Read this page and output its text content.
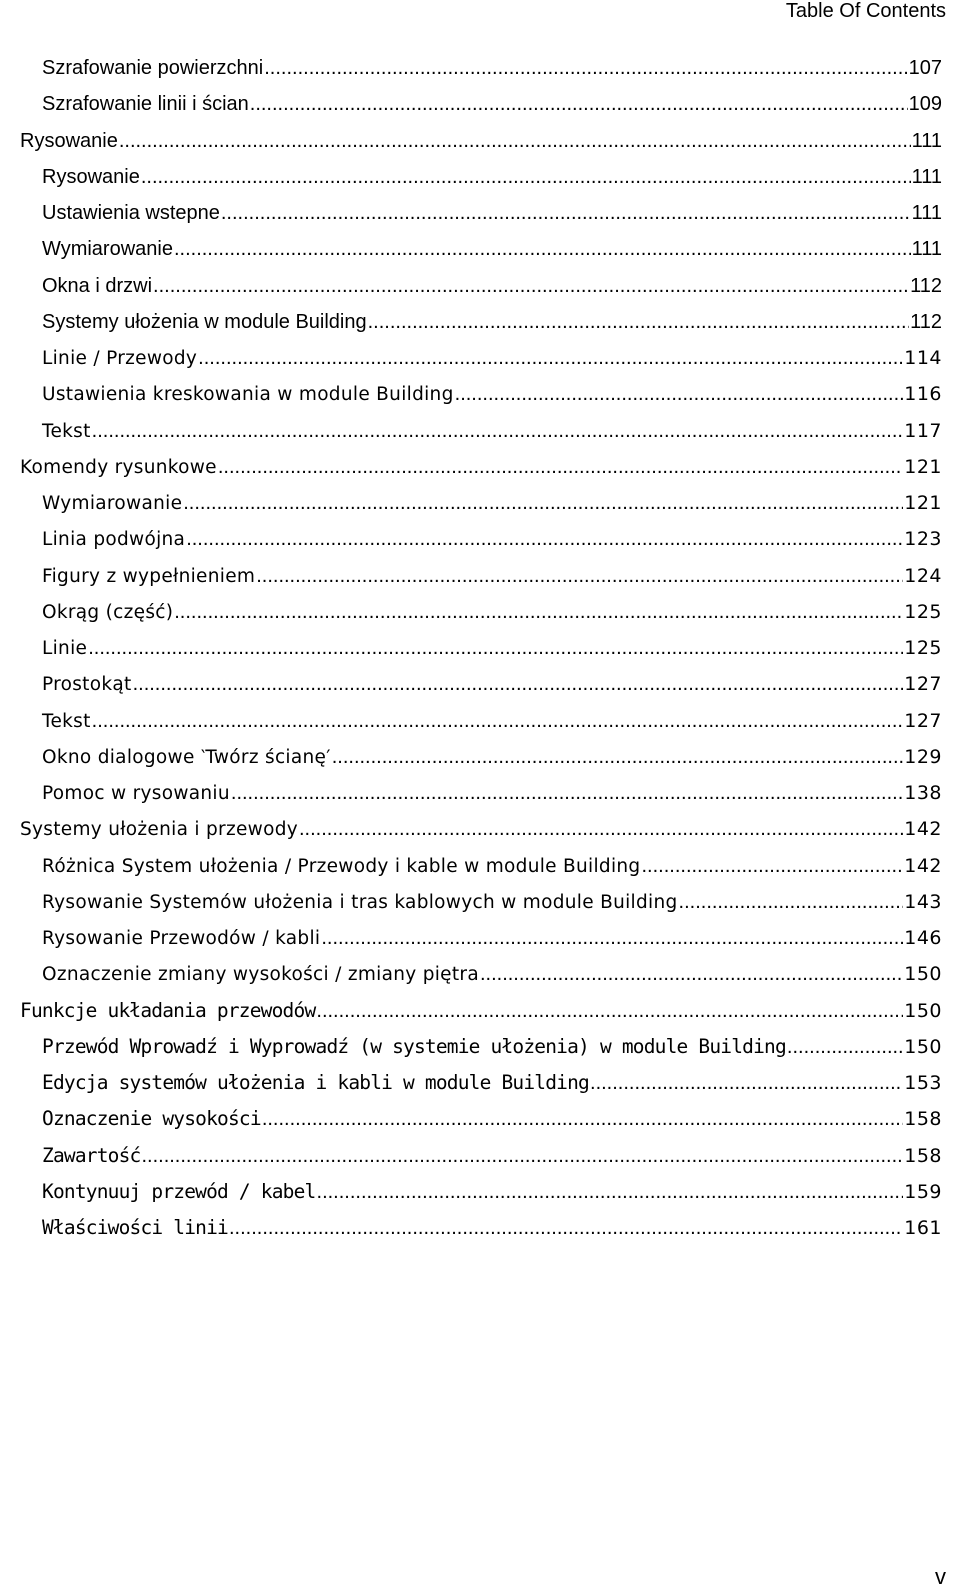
Table Of Contents
Szrafowanie powierzchni .....	107
Szrafowanie linii i ścian .....	109
Rysowanie .....	111
Rysowanie .....	111
Ustawienia wstepne .....	111
Wymiarowanie .....	111
Okna i drzwi .....	112
Systemy ułożenia w module Building .....	112
Linie / Przewody .....	114
Ustawienia kreskowania w module Building .....	116
Tekst .....	117
Komendy rysunkowe .....	121
Wymiarowanie .....	121
Linia podwójna .....	123
Figury z wypełnieniem .....	124
Okrąg (część) .....	125
Linie .....	125
Prostokąt .....	127
Tekst .....	127
Okno dialogowe ‵Twórz ścianę′ .....	129
Pomoc w rysowaniu .....	138
Systemy ułożenia i przewody .....	142
Różnica System ułożenia / Przewody i kable w module Building .....	142
Rysowanie Systemów ułożenia i tras kablowych w module Building .....	143
Rysowanie Przewodów / kabli .....	146
Oznaczenie zmiany wysokości / zmiany piętra .....	150
Funkcje układania przewodów .....	150
Przewód Wprowadź i Wyprowadź (w systemie ułożenia) w module Building .....	150
Edycja systemów ułożenia i kabli w module Building .....	153
Oznaczenie wysokości .....	158
Zawartość .....	158
Kontynuuj przewód / kabel .....	159
Właściwości linii .....	161
v
